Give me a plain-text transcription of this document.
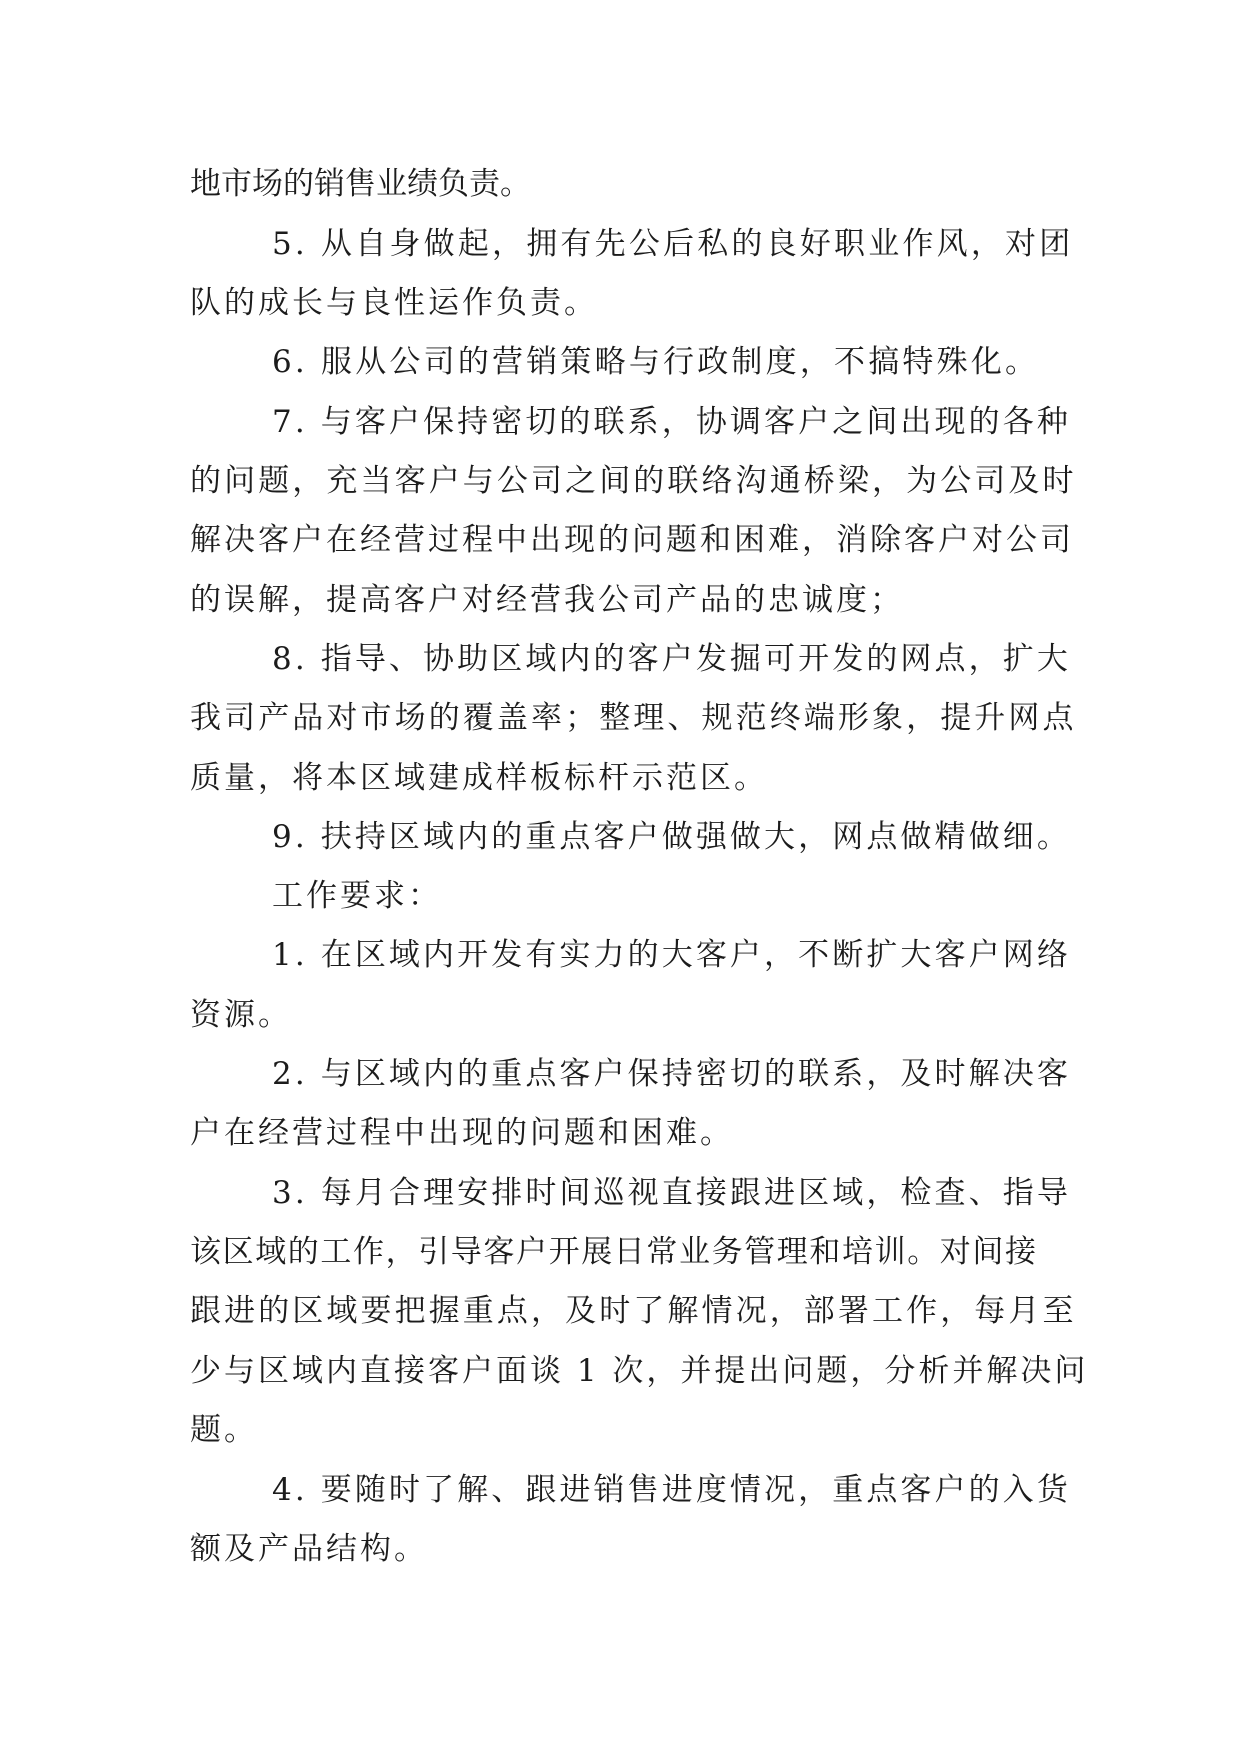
地市场的销售业绩负责。
5. 从自身做起，拥有先公后私的良好职业作风，对团
队的成长与良性运作负责。
6. 服从公司的营销策略与行政制度，不搞特殊化。
7. 与客户保持密切的联系，协调客户之间出现的各种
的问题，充当客户与公司之间的联络沟通桥梁，为公司及时
解决客户在经营过程中出现的问题和困难，消除客户对公司
的误解，提高客户对经营我公司产品的忠诚度；
8. 指导、协助区域内的客户发掘可开发的网点，扩大
我司产品对市场的覆盖率；整理、规范终端形象，提升网点
质量，将本区域建成样板标杆示范区。
9. 扶持区域内的重点客户做强做大，网点做精做细。
工作要求：
1. 在区域内开发有实力的大客户，不断扩大客户网络
资源。
2. 与区域内的重点客户保持密切的联系，及时解决客
户在经营过程中出现的问题和困难。
3. 每月合理安排时间巡视直接跟进区域，检查、指导
该区域的工作，引导客户开展日常业务管理和培训。对间接
跟进的区域要把握重点，及时了解情况，部署工作，每月至
少与区域内直接客户面谈 1 次，并提出问题，分析并解决问
题。
4. 要随时了解、跟进销售进度情况，重点客户的入货
额及产品结构。
